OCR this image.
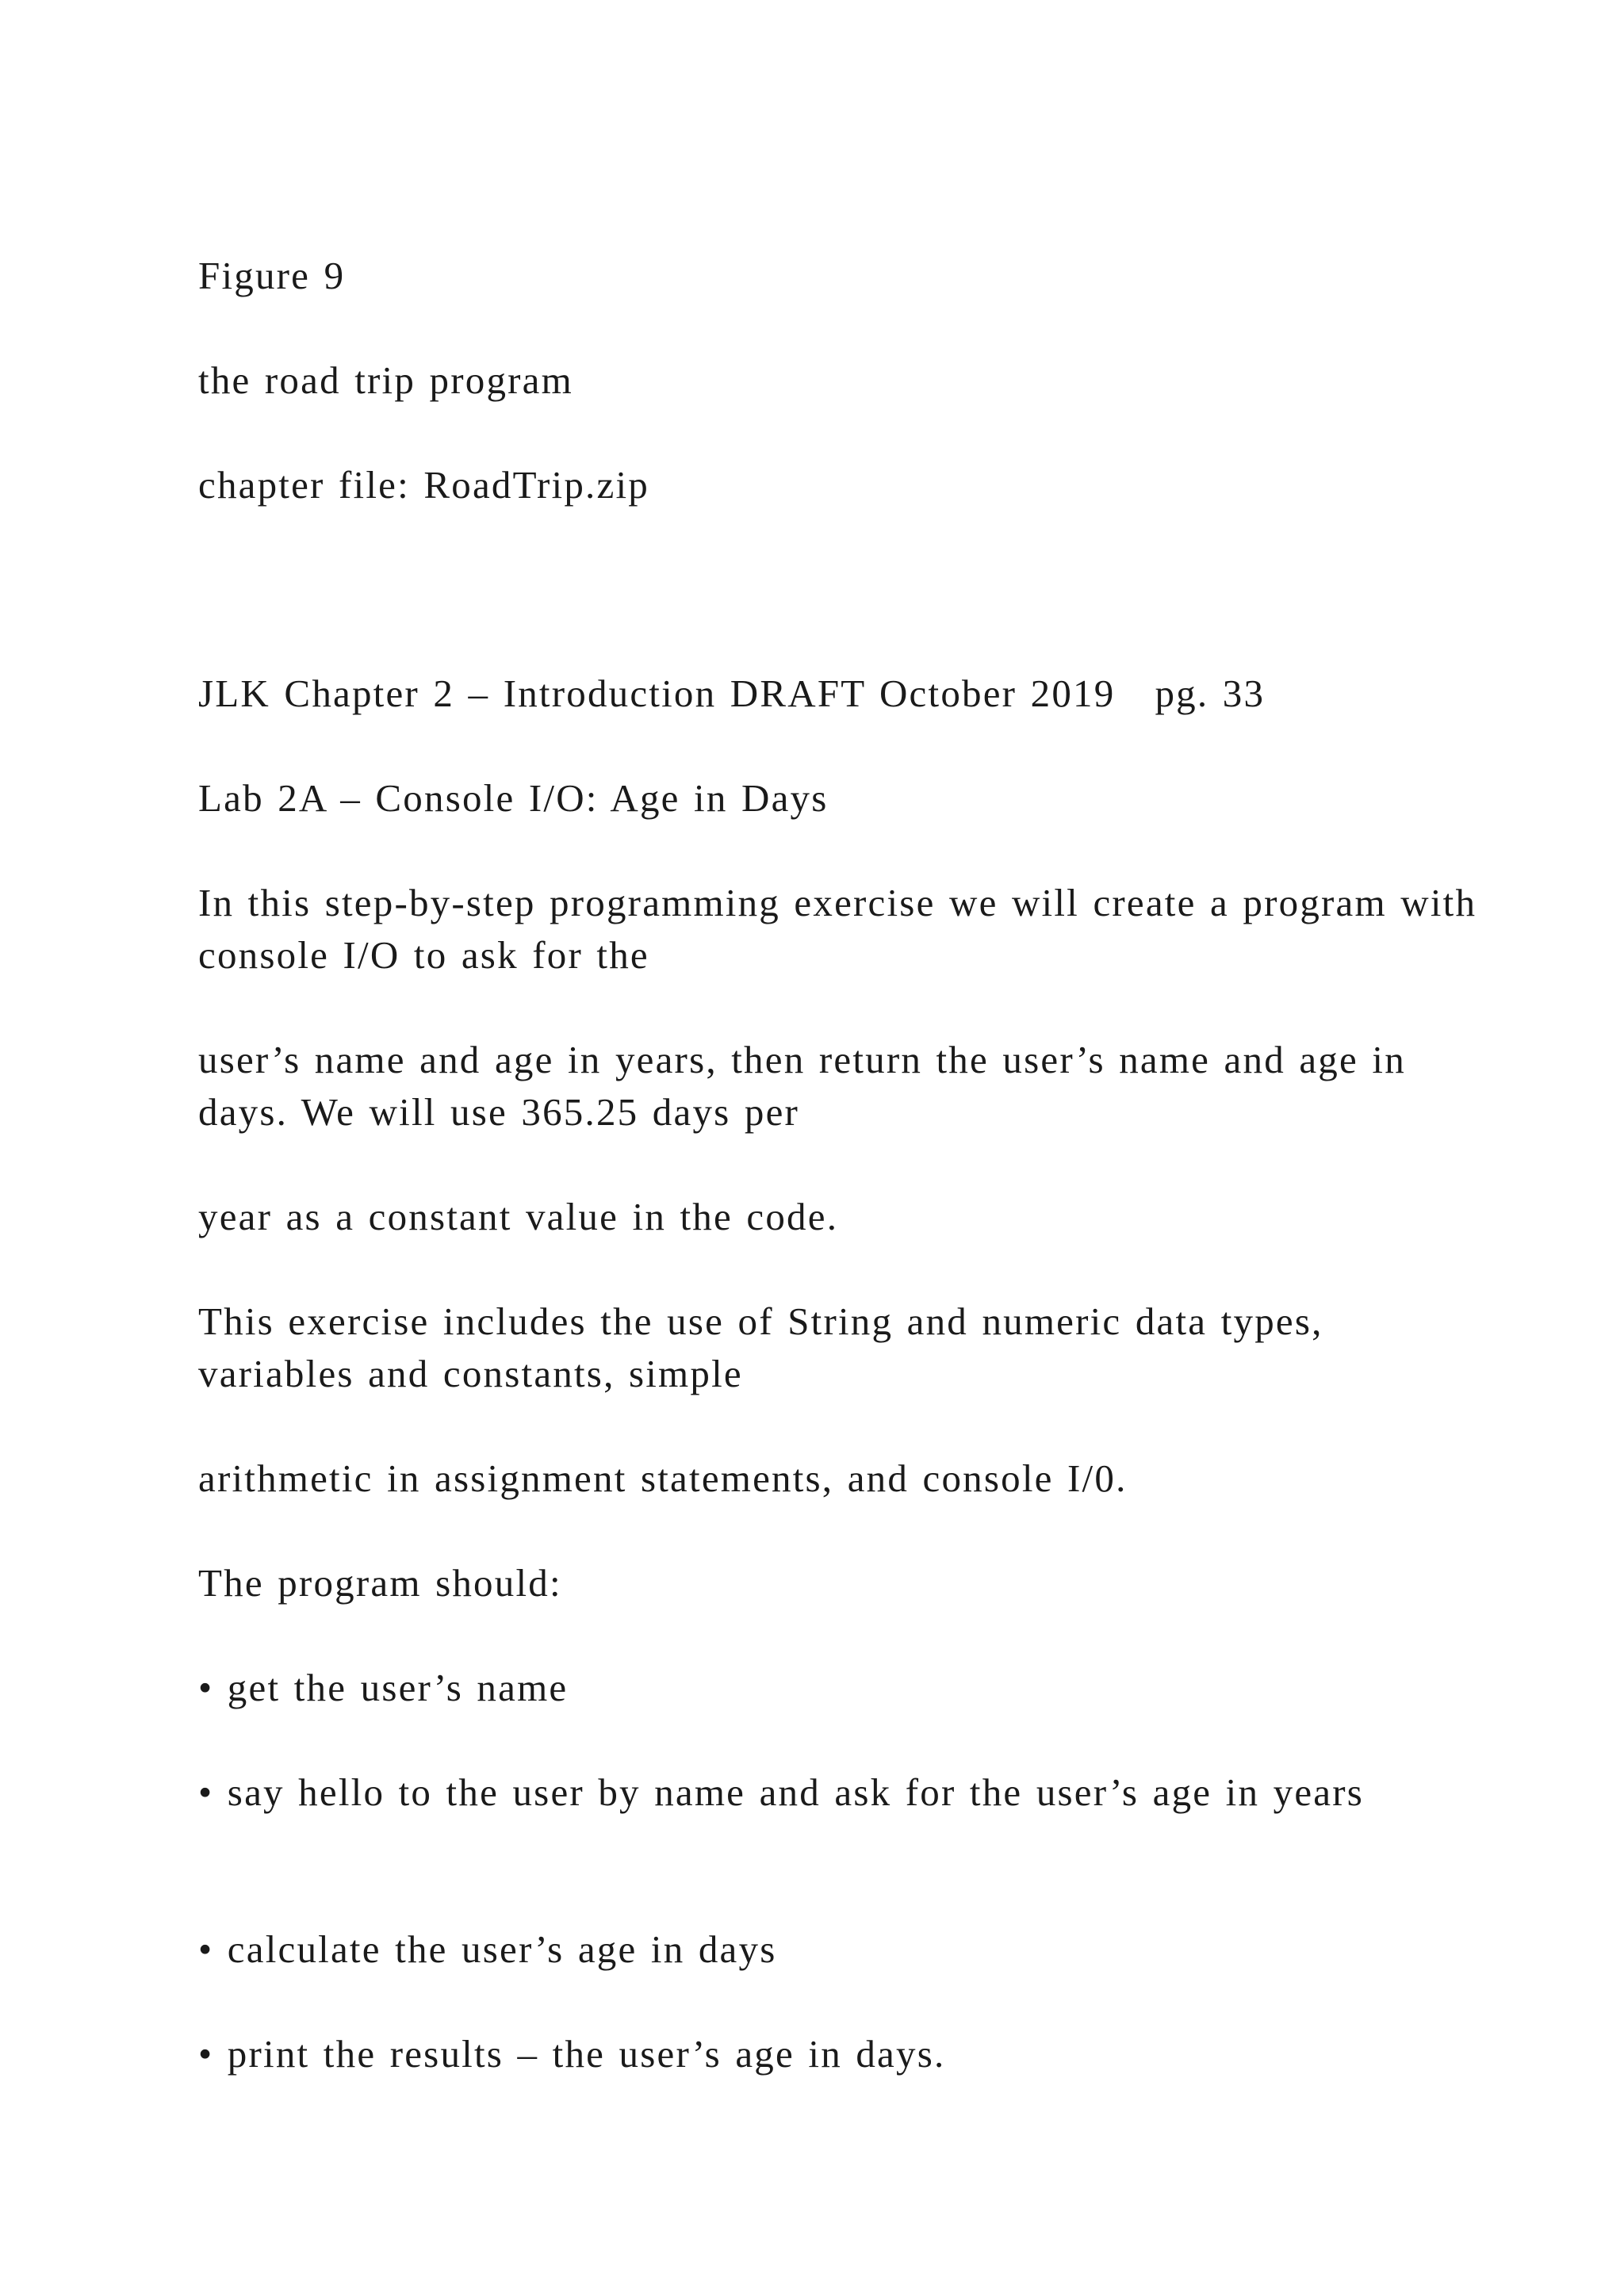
Figure 9

the road trip program

chapter file: RoadTrip.zip

JLK Chapter 2 – Introduction DRAFT October 2019 pg. 33

Lab 2A – Console I/O: Age in Days

In this step-by-step programming exercise we will create a program with console I/O to ask for the

user’s name and age in years, then return the user’s name and age in days. We will use 365.25 days per

year as a constant value in the code.

This exercise includes the use of String and numeric data types, variables and constants, simple

arithmetic in assignment statements, and console I/0.

The program should:

• get the user’s name

• say hello to the user by name and ask for the user’s age in years

• calculate the user’s age in days

• print the results – the user’s age in days.
